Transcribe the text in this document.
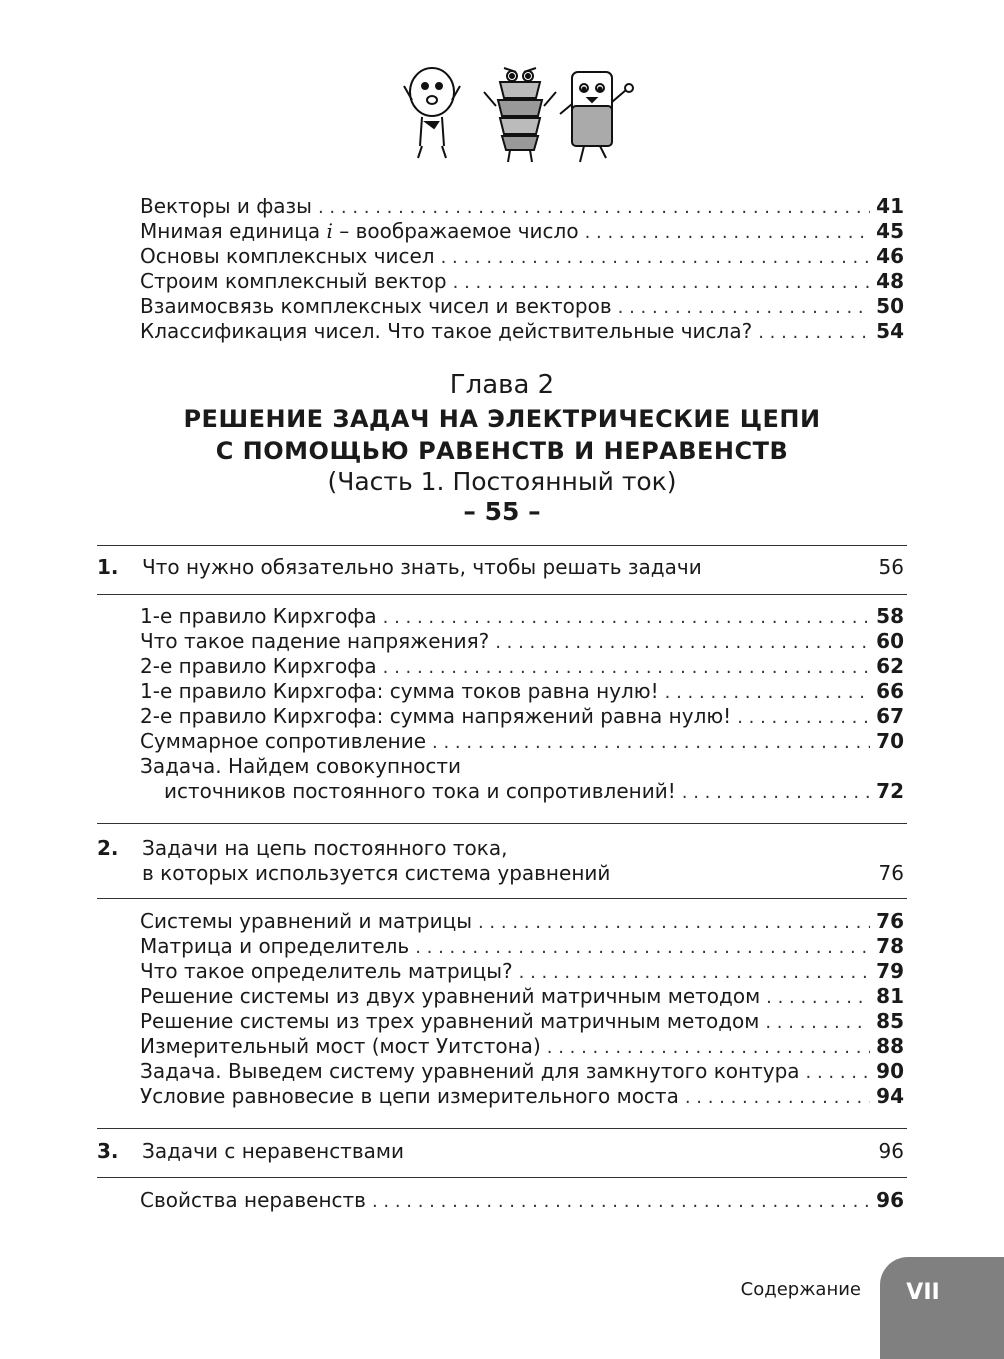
Векторы и фазы . . .	41
Мнимая единица i – воображаемое число . . .	45
Основы комплексных чисел . . .	46
Строим комплексный вектор . . .	48
Взаимосвязь комплексных чисел и векторов . . .	50
Классификация чисел. Что такое действительные числа? . . .	54
Глава 2
РЕШЕНИЕ ЗАДАЧ НА ЭЛЕКТРИЧЕСКИЕ ЦЕПИ
С ПОМОЩЬЮ РАВЕНСТВ И НЕРАВЕНСТВ
(Часть 1. Постоянный ток)
– 55 –
1. Что нужно обязательно знать, чтобы решать задачи	56
1-е правило Кирхгофа . . .	58
Что такое падение напряжения? . . .	60
2-е правило Кирхгофа . . .	62
1-е правило Кирхгофа: сумма токов равна нулю! . . .	66
2-е правило Кирхгофа: сумма напряжений равна нулю! . . .	67
Суммарное сопротивление . . .	70
Задача. Найдем совокупности
источников постоянного тока и сопротивлений! . . .	72
2. Задачи на цепь постоянного тока,
в которых используется система уравнений	76
Системы уравнений и матрицы . . .	76
Матрица и определитель . . .	78
Что такое определитель матрицы? . . .	79
Решение системы из двух уравнений матричным методом . . .	81
Решение системы из трех уравнений матричным методом . . .	85
Измерительный мост (мост Уитстона) . . .	88
Задача. Выведем систему уравнений для замкнутого контура . . .	90
Условие равновесие в цепи измерительного моста . . .	94
3. Задачи с неравенствами	96
Свойства неравенств . . .	96
Содержание	VII
